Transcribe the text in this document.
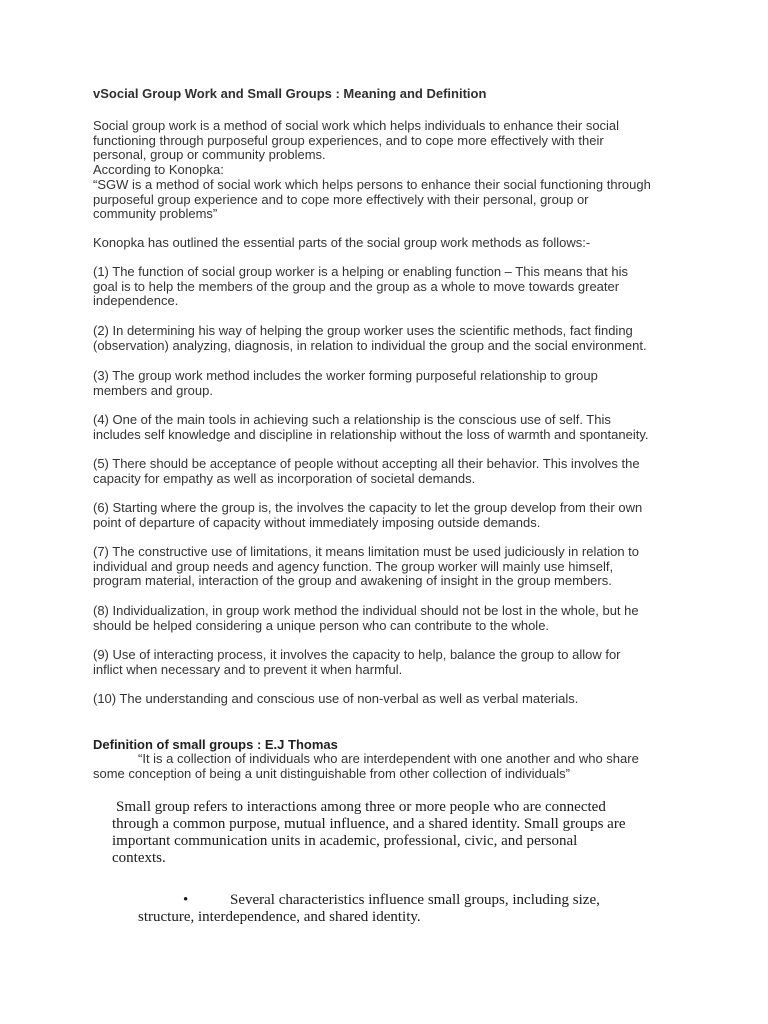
vSocial Group Work and Small Groups : Meaning and Definition

Social group work is a method of social work which helps individuals to enhance their social
functioning through purposeful group experiences, and to cope more effectively with their
personal, group or community problems.
According to Konopka:
“SGW is a method of social work which helps persons to enhance their social functioning through
purposeful group experience and to cope more effectively with their personal, group or
community problems”

Konopka has outlined the essential parts of the social group work methods as follows:-

(1) The function of social group worker is a helping or enabling function – This means that his
goal is to help the members of the group and the group as a whole to move towards greater
independence.
(2) In determining his way of helping the group worker uses the scientific methods, fact finding
(observation) analyzing, diagnosis, in relation to individual the group and the social environment.
(3) The group work method includes the worker forming purposeful relationship to group
members and group.
(4) One of the main tools in achieving such a relationship is the conscious use of self. This
includes self knowledge and discipline in relationship without the loss of warmth and spontaneity.
(5) There should be acceptance of people without accepting all their behavior. This involves the
capacity for empathy as well as incorporation of societal demands.
(6) Starting where the group is, the involves the capacity to let the group develop from their own
point of departure of capacity without immediately imposing outside demands.
(7) The constructive use of limitations, it means limitation must be used judiciously in relation to
individual and group needs and agency function. The group worker will mainly use himself,
program material, interaction of the group and awakening of insight in the group members.
(8) Individualization, in group work method the individual should not be lost in the whole, but he
should be helped considering a unique person who can contribute to the whole.
(9) Use of interacting process, it involves the capacity to help, balance the group to allow for
inflict when necessary and to prevent it when harmful.
(10) The understanding and conscious use of non-verbal as well as verbal materials.

Definition of small groups : E.J Thomas

“It is a collection of individuals who are interdependent with one another and who share
some conception of being a unit distinguishable from other collection of individuals”
Small group refers to interactions among three or more people who are connected
through a common purpose, mutual influence, and a shared identity. Small groups are
important communication units in academic, professional, civic, and personal
contexts.
•	Several characteristics influence small groups, including size,
structure, interdependence, and shared identity.
